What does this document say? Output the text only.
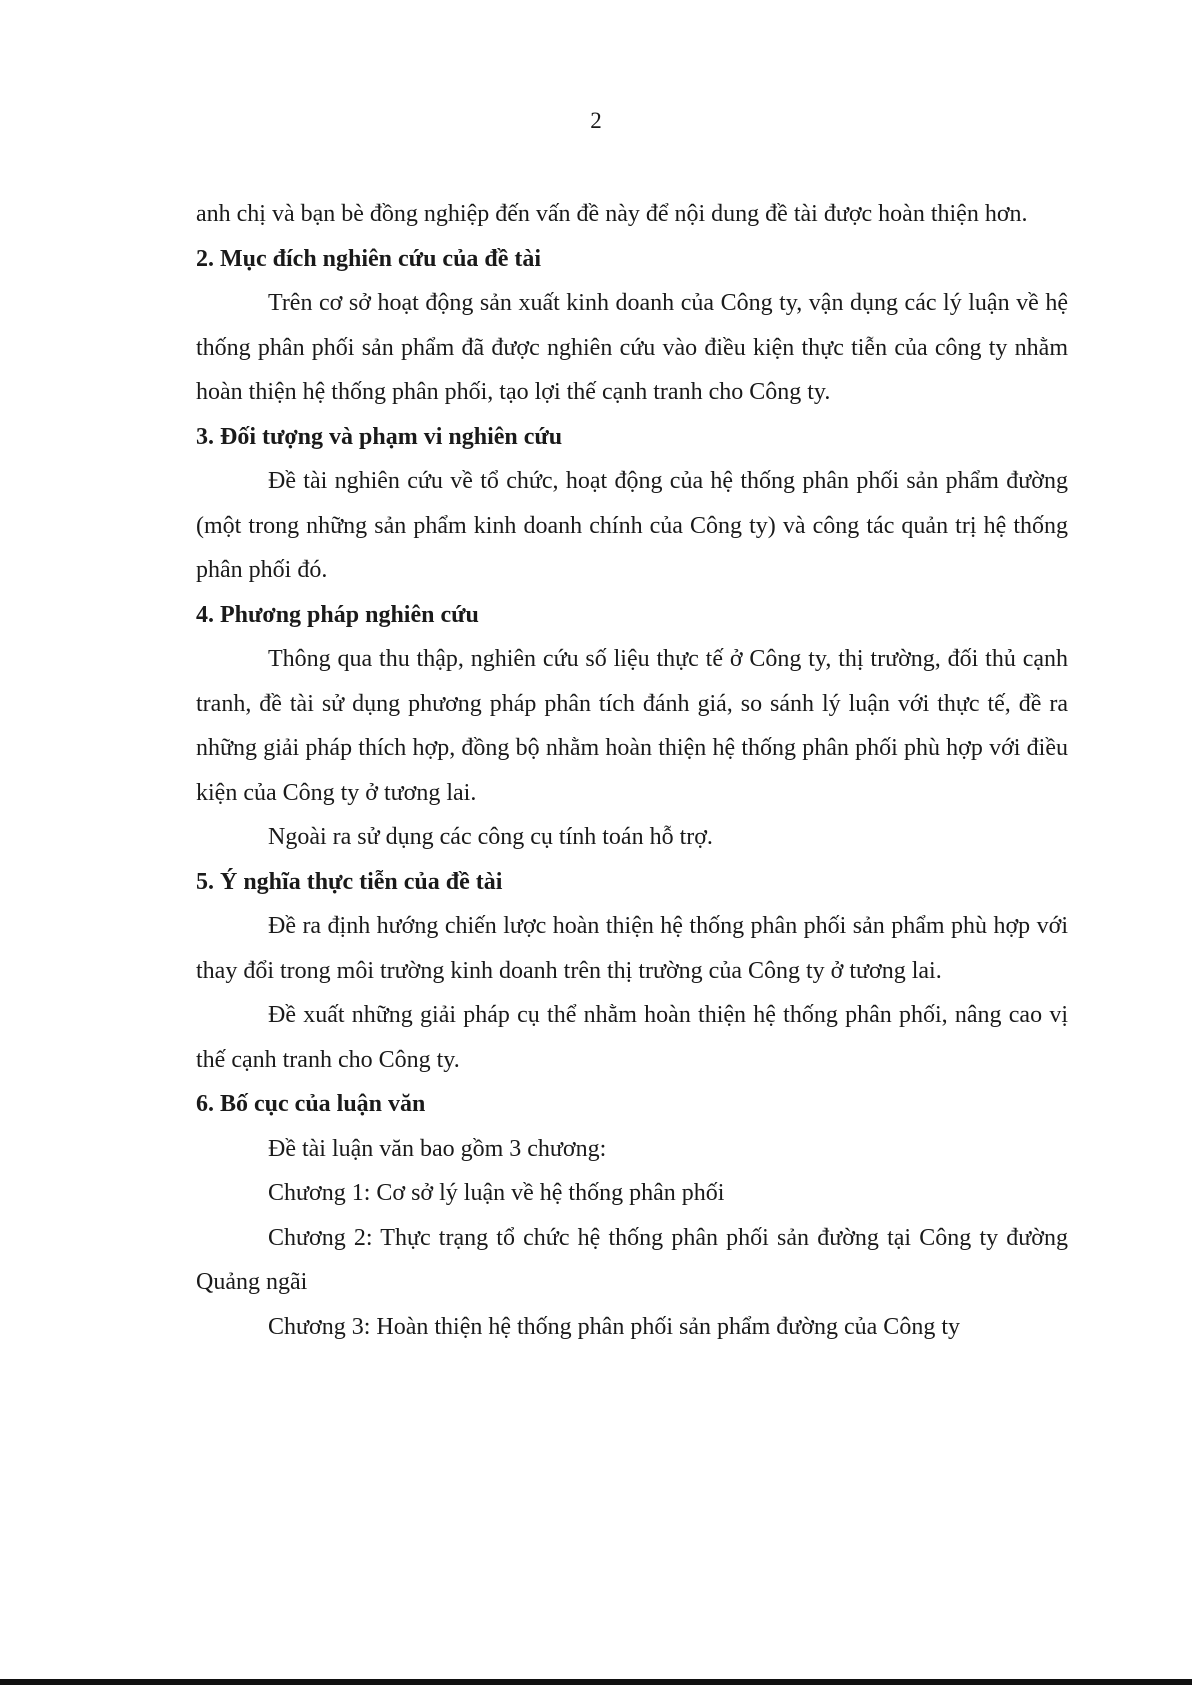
2

anh chị và bạn bè đồng nghiệp đến vấn đề này để nội dung đề tài được hoàn thiện hơn.

2. Mục đích nghiên cứu của đề tài

Trên cơ sở hoạt động sản xuất kinh doanh của Công ty, vận dụng các lý luận về hệ thống phân phối sản phẩm đã được nghiên cứu vào điều kiện thực tiễn của công ty nhằm hoàn thiện hệ thống phân phối, tạo lợi thế cạnh tranh cho Công ty.

3. Đối tượng và phạm vi nghiên cứu

Đề tài nghiên cứu về tổ chức, hoạt động của hệ thống phân phối sản phẩm đường (một trong những sản phẩm kinh doanh chính của Công ty) và công tác quản trị hệ thống phân phối đó.

4. Phương pháp nghiên cứu

Thông qua thu thập, nghiên cứu số liệu thực tế ở Công ty, thị trường, đối thủ cạnh tranh, đề tài sử dụng phương pháp phân tích đánh giá, so sánh lý luận với thực tế, đề ra những giải pháp thích hợp, đồng bộ nhằm hoàn thiện hệ thống phân phối phù hợp với điều kiện của Công ty ở tương lai.

Ngoài ra sử dụng các công cụ tính toán hỗ trợ.

5. Ý nghĩa thực tiễn của đề tài

Đề ra định hướng chiến lược hoàn thiện hệ thống phân phối sản phẩm phù hợp với thay đổi trong môi trường kinh doanh trên thị trường của Công ty ở tương lai.

Đề xuất những giải pháp cụ thể nhằm hoàn thiện hệ thống phân phối, nâng cao vị thế cạnh tranh cho Công ty.

6. Bố cục của luận văn

Đề tài luận văn bao gồm 3 chương:

Chương 1: Cơ sở lý luận về hệ thống phân phối

Chương 2: Thực trạng tổ chức hệ thống phân phối sản đường tại Công ty đường Quảng ngãi

Chương 3: Hoàn thiện hệ thống phân phối sản phẩm đường của Công ty
